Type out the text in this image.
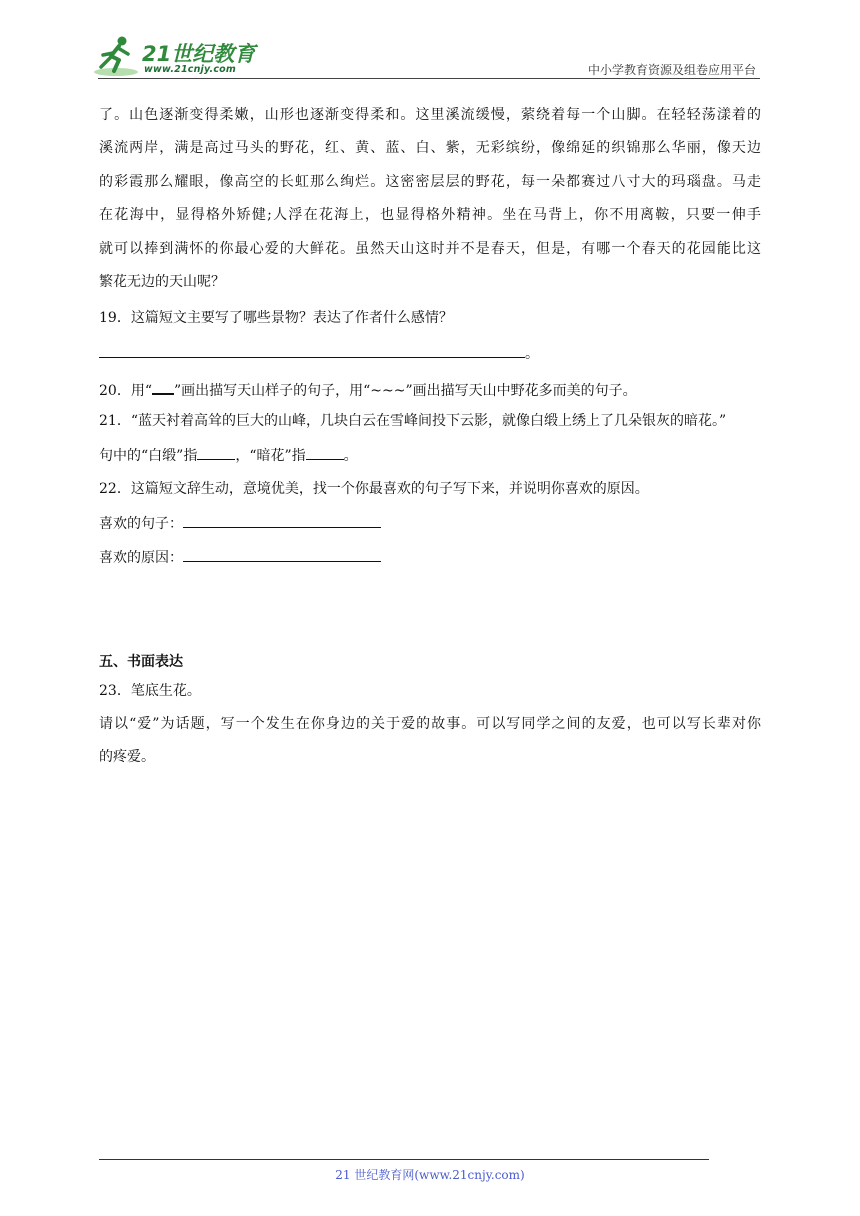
21世纪教育
www.21cnjy.com	中小学教育资源及组卷应用平台
了。山色逐渐变得柔嫩，山形也逐渐变得柔和。这里溪流缓慢，萦绕着每一个山脚。在轻轻荡漾着的
溪流两岸，满是高过马头的野花，红、黄、蓝、白、紫，无彩缤纷，像绵延的织锦那么华丽，像天边
的彩霞那么耀眼，像高空的长虹那么绚烂。这密密层层的野花，每一朵都赛过八寸大的玛瑙盘。马走
在花海中，显得格外矫健;人浮在花海上，也显得格外精神。坐在马背上，你不用离鞍，只要一伸手
就可以捧到满怀的你最心爱的大鲜花。虽然天山这时并不是春天，但是，有哪一个春天的花园能比这
繁花无边的天山呢？
19．这篇短文主要写了哪些景物？表达了作者什么感情？
。
20．用“ ”画出描写天山样子的句子，用“~~~”画出描写天山中野花多而美的句子。
21．“蓝天衬着高耸的巨大的山峰，几块白云在雪峰间投下云影，就像白缎上绣上了几朵银灰的暗花。”
句中的“白缎”指	，“暗花”指	。
22．这篇短文辞生动，意境优美，找一个你最喜欢的句子写下来，并说明你喜欢的原因。
喜欢的句子：
喜欢的原因：
五、书面表达
23．笔底生花。
请以“爱”为话题，写一个发生在你身边的关于爱的故事。可以写同学之间的友爱，也可以写长辈对你
的疼爱。
21 世纪教育网(www.21cnjy.com)
